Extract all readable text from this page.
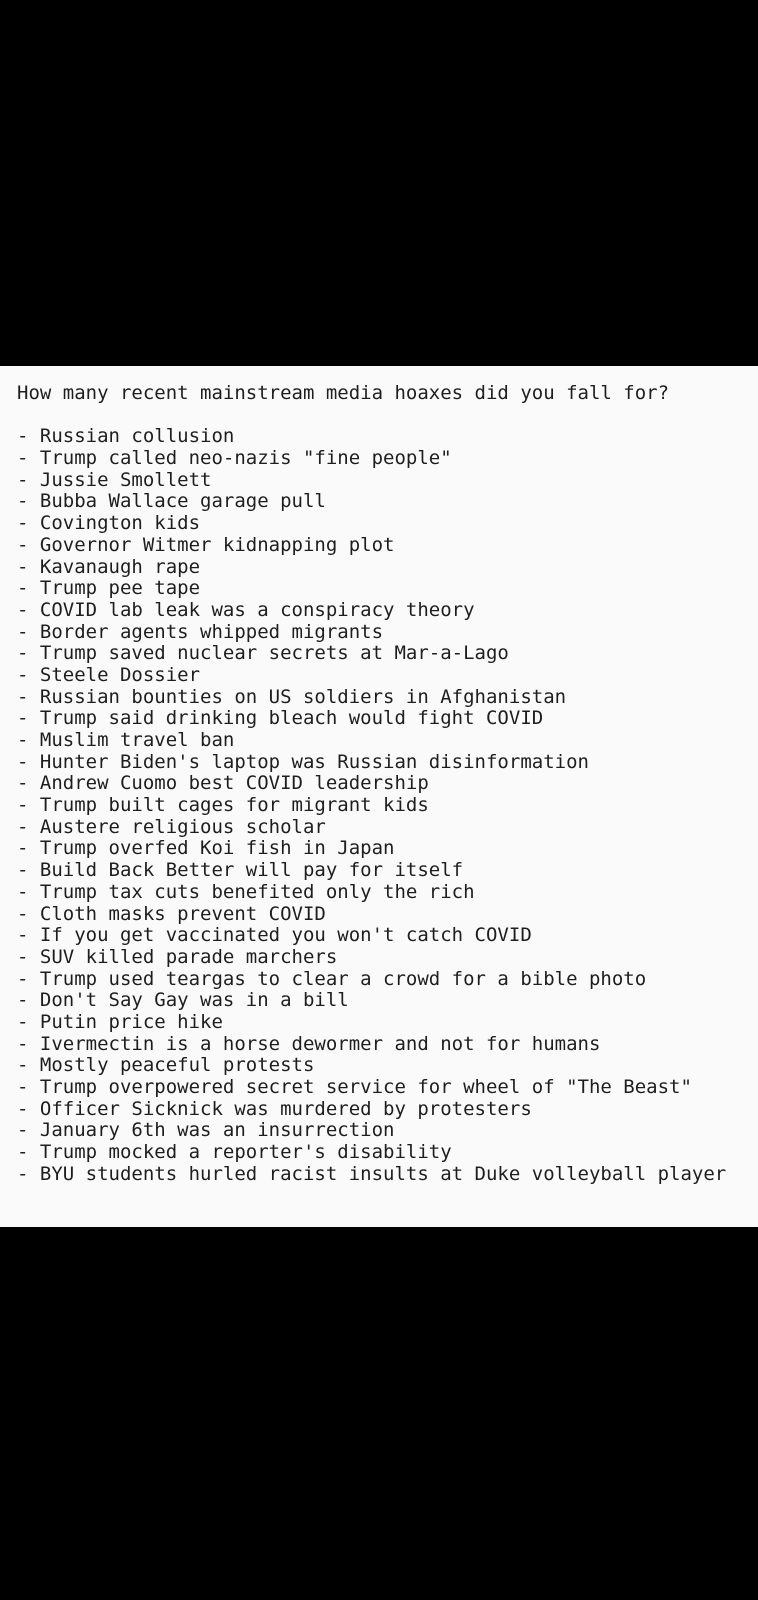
How many recent mainstream media hoaxes did you fall for?
- Russian collusion
- Trump called neo-nazis "fine people"
- Jussie Smollett
- Bubba Wallace garage pull
- Covington kids
- Governor Witmer kidnapping plot
- Kavanaugh rape
- Trump pee tape
- COVID lab leak was a conspiracy theory
- Border agents whipped migrants
- Trump saved nuclear secrets at Mar-a-Lago
- Steele Dossier
- Russian bounties on US soldiers in Afghanistan
- Trump said drinking bleach would fight COVID
- Muslim travel ban
- Hunter Biden's laptop was Russian disinformation
- Andrew Cuomo best COVID leadership
- Trump built cages for migrant kids
- Austere religious scholar
- Trump overfed Koi fish in Japan
- Build Back Better will pay for itself
- Trump tax cuts benefited only the rich
- Cloth masks prevent COVID
- If you get vaccinated you won't catch COVID
- SUV killed parade marchers
- Trump used teargas to clear a crowd for a bible photo
- Don't Say Gay was in a bill
- Putin price hike
- Ivermectin is a horse dewormer and not for humans
- Mostly peaceful protests
- Trump overpowered secret service for wheel of "The Beast"
- Officer Sicknick was murdered by protesters
- January 6th was an insurrection
- Trump mocked a reporter's disability
- BYU students hurled racist insults at Duke volleyball player
